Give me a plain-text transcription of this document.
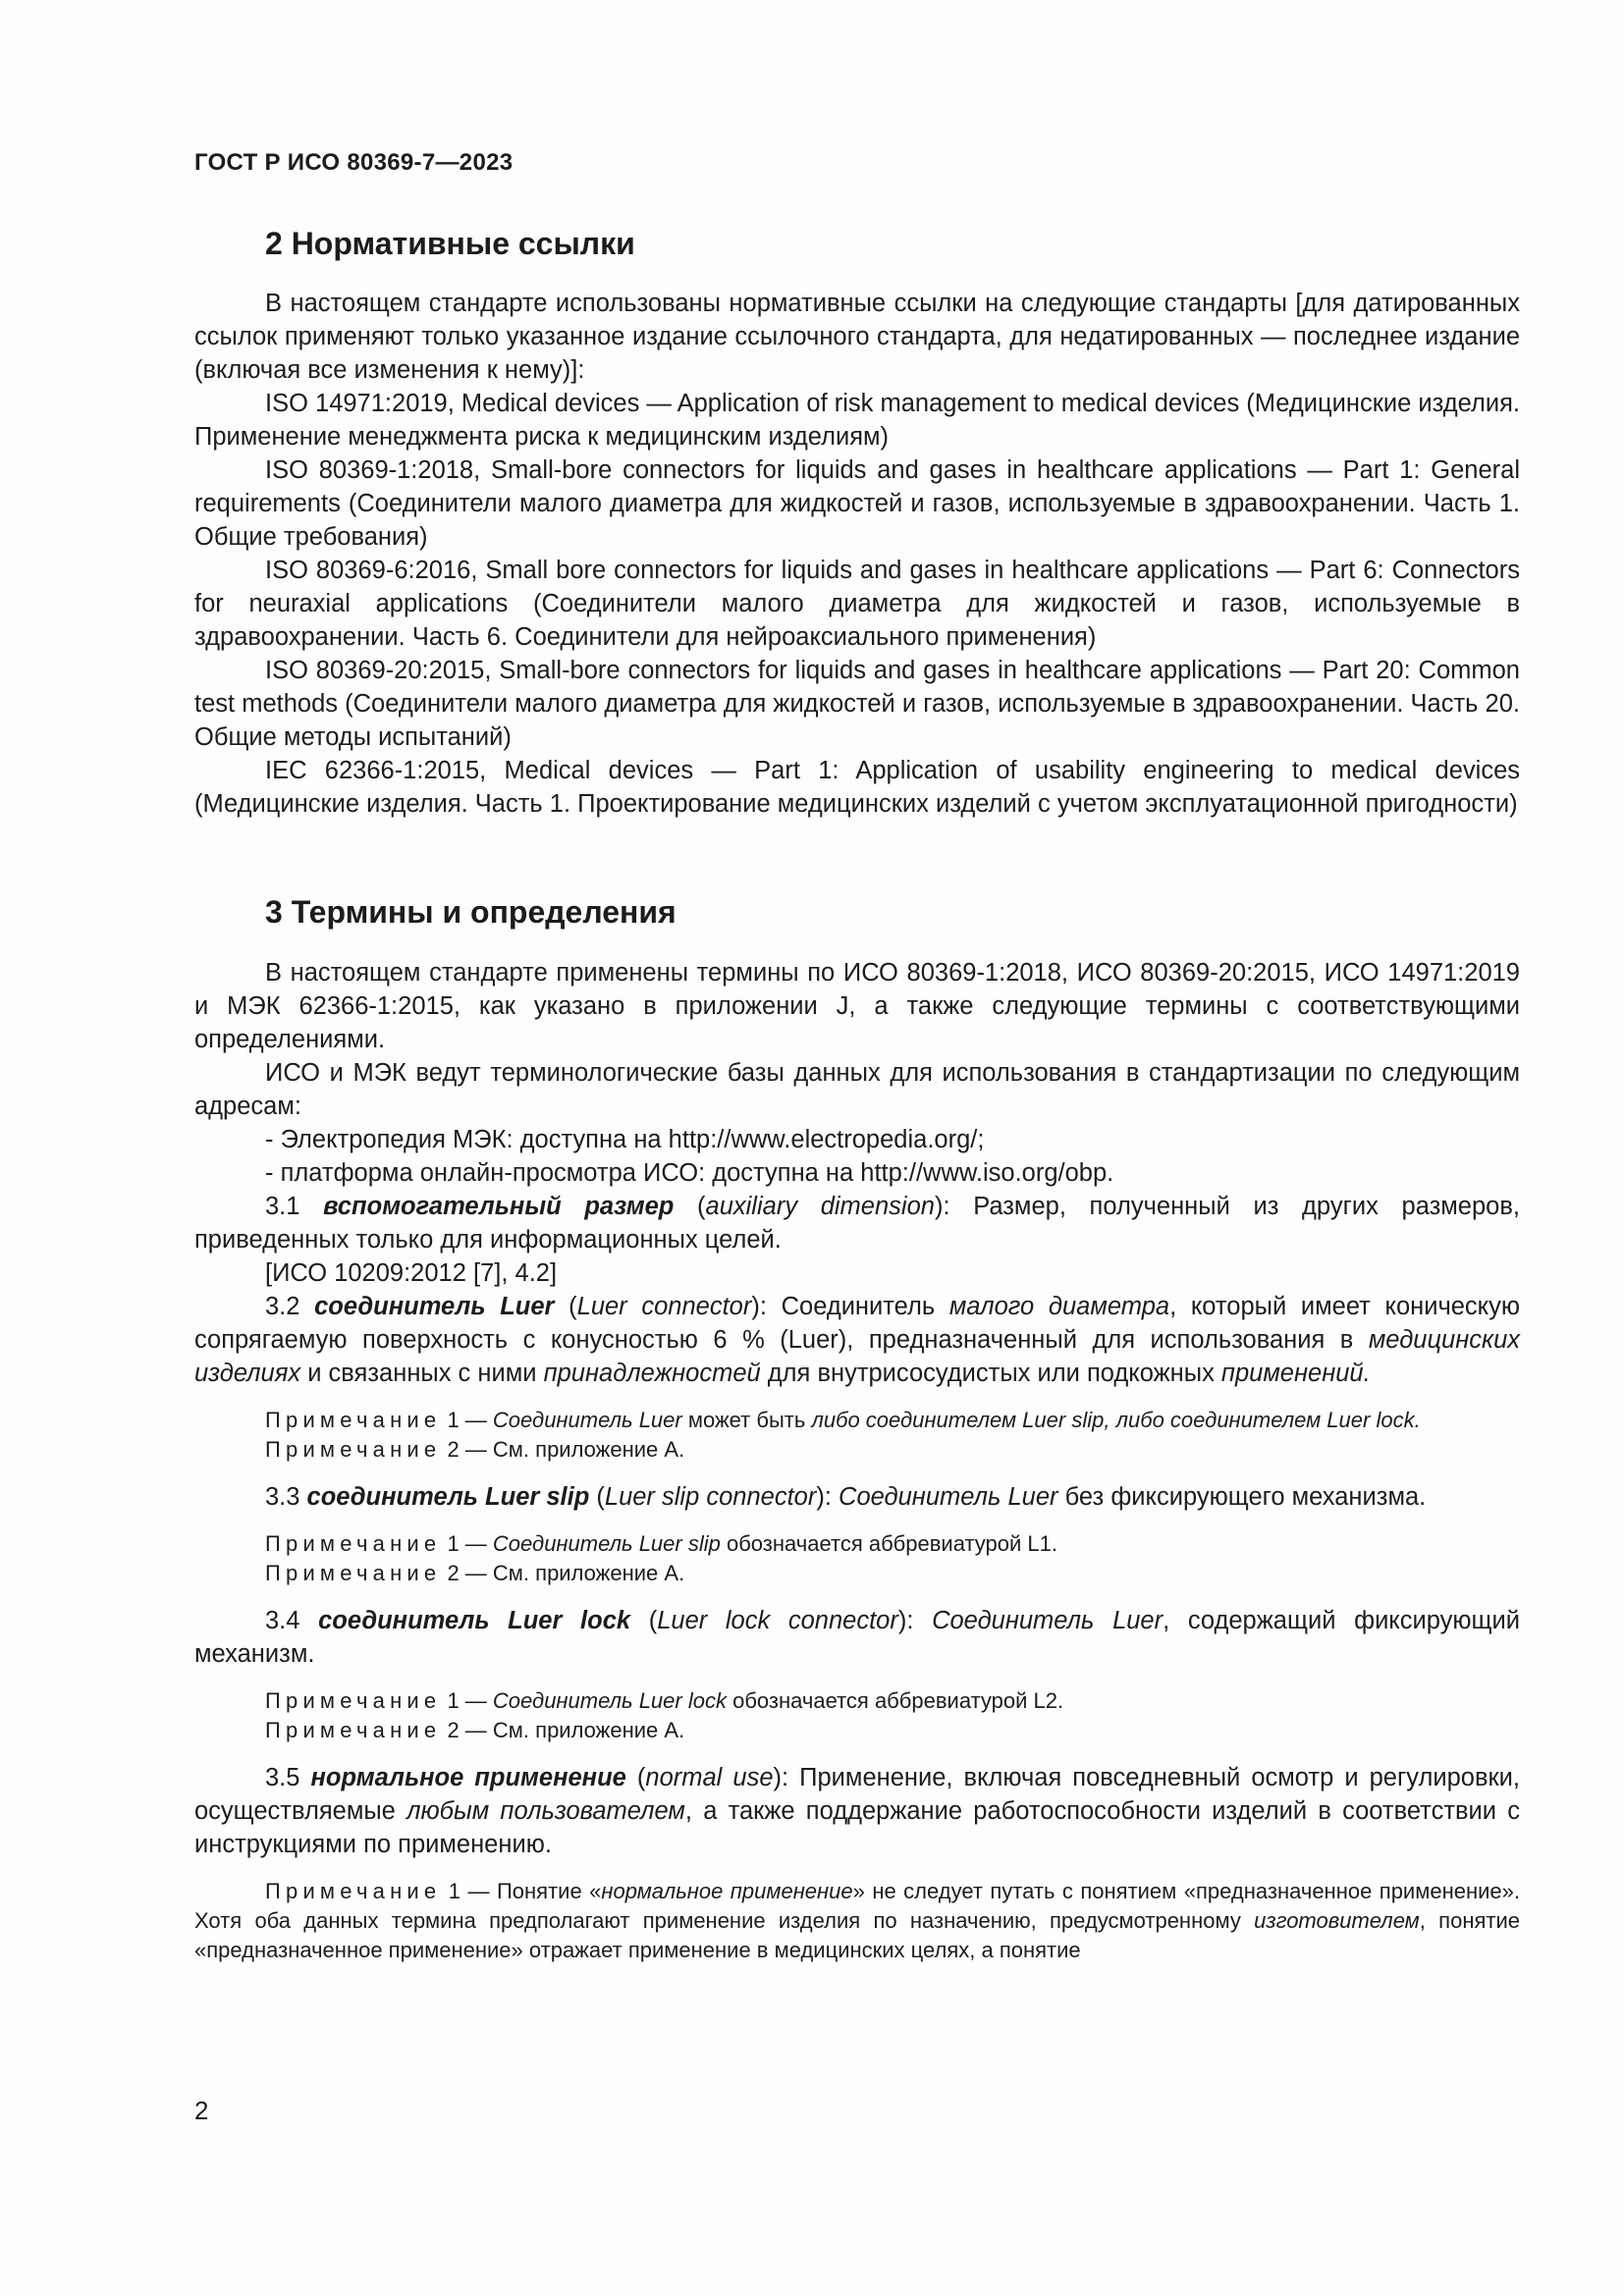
ГОСТ Р ИСО 80369-7—2023
2 Нормативные ссылки

В настоящем стандарте использованы нормативные ссылки на следующие стандарты [для датированных ссылок применяют только указанное издание ссылочного стандарта, для недатированных — последнее издание (включая все изменения к нему)]:

ISO 14971:2019, Medical devices — Application of risk management to medical devices (Медицинские изделия. Применение менеджмента риска к медицинским изделиям)

ISO 80369-1:2018, Small-bore connectors for liquids and gases in healthcare applications — Part 1: General requirements (Соединители малого диаметра для жидкостей и газов, используемые в здравоохранении. Часть 1. Общие требования)

ISO 80369-6:2016, Small bore connectors for liquids and gases in healthcare applications — Part 6: Connectors for neuraxial applications (Соединители малого диаметра для жидкостей и газов, используемые в здравоохранении. Часть 6. Соединители для нейроаксиального применения)

ISO 80369-20:2015, Small-bore connectors for liquids and gases in healthcare applications — Part 20: Common test methods (Соединители малого диаметра для жидкостей и газов, используемые в здравоохранении. Часть 20. Общие методы испытаний)

IEC 62366-1:2015, Medical devices — Part 1: Application of usability engineering to medical devices (Медицинские изделия. Часть 1. Проектирование медицинских изделий с учетом эксплуатационной пригодности)

3 Термины и определения

В настоящем стандарте применены термины по ИСО 80369-1:2018, ИСО 80369-20:2015, ИСО 14971:2019 и МЭК 62366-1:2015, как указано в приложении J, а также следующие термины с соответствующими определениями.

ИСО и МЭК ведут терминологические базы данных для использования в стандартизации по следующим адресам:

- Электропедия МЭК: доступна на http://www.electropedia.org/;

- платформа онлайн-просмотра ИСО: доступна на http://www.iso.org/obp.

3.1 вспомогательный размер (auxiliary dimension): Размер, полученный из других размеров, приведенных только для информационных целей.

[ИСО 10209:2012 [7], 4.2]

3.2 соединитель Luer (Luer connector): Соединитель малого диаметра, который имеет коническую сопрягаемую поверхность с конусностью 6 % (Luer), предназначенный для использования в медицинских изделиях и связанных с ними принадлежностей для внутрисосудистых или подкожных применений.

Примечание 1 — Соединитель Luer может быть либо соединителем Luer slip, либо соединителем Luer lock.

Примечание 2 — См. приложение А.

3.3 соединитель Luer slip (Luer slip connector): Соединитель Luer без фиксирующего механизма.

Примечание 1 — Соединитель Luer slip обозначается аббревиатурой L1.

Примечание 2 — См. приложение А.

3.4 соединитель Luer lock (Luer lock connector): Соединитель Luer, содержащий фиксирующий механизм.

Примечание 1 — Соединитель Luer lock обозначается аббревиатурой L2.

Примечание 2 — См. приложение А.

3.5 нормальное применение (normal use): Применение, включая повседневный осмотр и регулировки, осуществляемые любым пользователем, а также поддержание работоспособности изделий в соответствии с инструкциями по применению.

Примечание 1 — Понятие «нормальное применение» не следует путать с понятием «предназначенное применение». Хотя оба данных термина предполагают применение изделия по назначению, предусмотренному изготовителем, понятие «предназначенное применение» отражает применение в медицинских целях, а понятие

2
